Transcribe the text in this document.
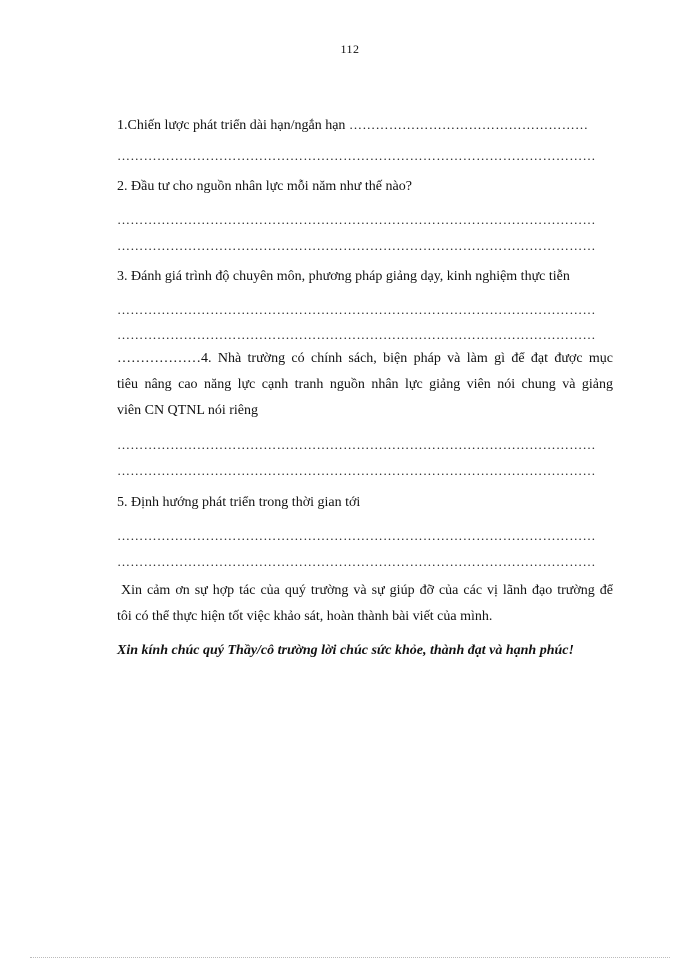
112
1.Chiến lược phát triển dài hạn/ngắn hạn ………………………………………………
………………………………………………………………………………………………
2. Đầu tư cho nguồn nhân lực mỗi năm như thế nào?
………………………………………………………………………………………………
………………………………………………………………………………………………
3. Đánh giá trình độ chuyên môn, phương pháp giảng dạy, kinh nghiệm thực tiễn
………………………………………………………………………………………………
………………………………………………………………………………………………
………………4. Nhà trường có chính sách, biện pháp và làm gì để đạt được mục
tiêu nâng cao năng lực cạnh tranh nguồn nhân lực giảng viên nói chung và giảng
viên CN QTNL nói riêng
………………………………………………………………………………………………
………………………………………………………………………………………………
5. Định hướng phát triển trong thời gian tới
………………………………………………………………………………………………
………………………………………………………………………………………………
Xin cảm ơn sự hợp tác của quý trường và sự giúp đỡ của các vị lãnh đạo trường để
tôi có thể thực hiện tốt việc khảo sát, hoàn thành bài viết của mình.
Xin kính chúc quý Thầy/cô trường lời chúc sức khỏe, thành đạt và hạnh phúc!
